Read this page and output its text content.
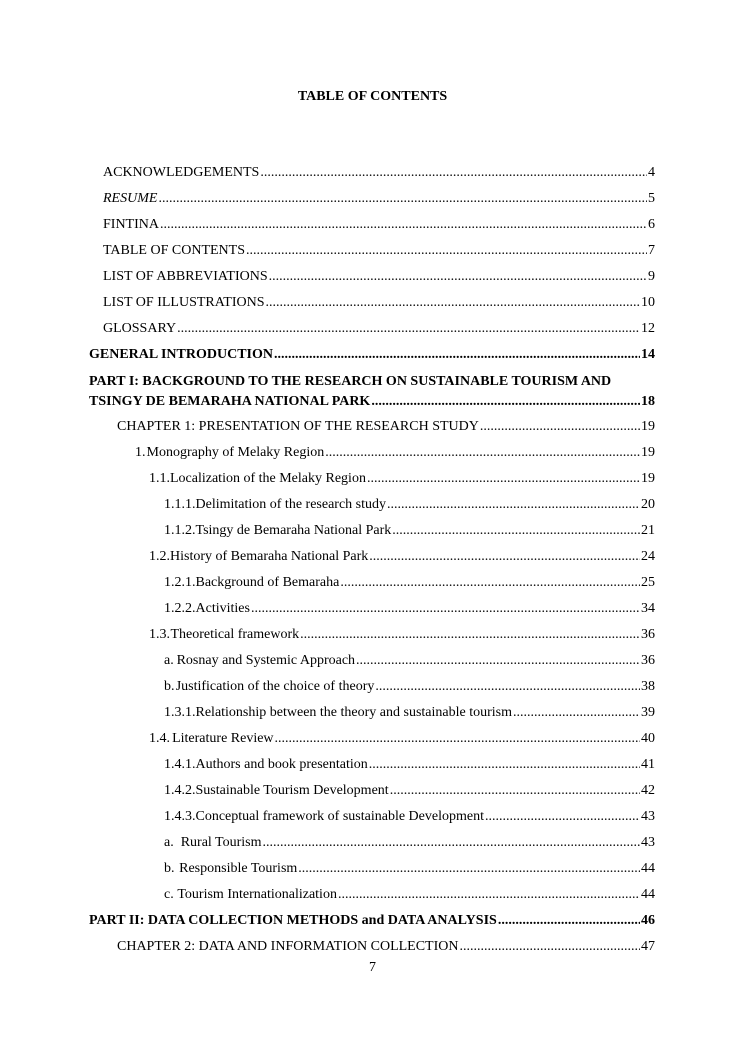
TABLE OF CONTENTS
ACKNOWLEDGEMENTS .....	4
RESUME .....	5
FINTINA .....	6
TABLE OF CONTENTS .....	7
LIST OF ABBREVIATIONS .....	9
LIST OF ILLUSTRATIONS .....	10
GLOSSARY .....	12
GENERAL INTRODUCTION .....	14
PART I: BACKGROUND TO THE RESEARCH ON SUSTAINABLE TOURISM AND
TSINGY DE BEMARAHA NATIONAL PARK .....	18
CHAPTER 1: PRESENTATION OF THE RESEARCH STUDY .....	19
1. Monography of Melaky Region .....	19
1.1. Localization of the Melaky Region .....	19
1.1.1. Delimitation of the research study .....	20
1.1.2. Tsingy de Bemaraha National Park .....	21
1.2. History of Bemaraha National Park .....	24
1.2.1. Background of Bemaraha .....	25
1.2.2. Activities .....	34
1.3. Theoretical framework .....	36
a. Rosnay and Systemic Approach .....	36
b. Justification of the choice of theory .....	38
1.3.1. Relationship between the theory and sustainable tourism .....	39
1.4. Literature Review .....	40
1.4.1. Authors and book presentation .....	41
1.4.2. Sustainable Tourism Development .....	42
1.4.3. Conceptual framework of sustainable Development .....	43
a. Rural Tourism .....	43
b. Responsible Tourism .....	44
c. Tourism Internationalization .....	44
PART II: DATA COLLECTION METHODS and DATA ANALYSIS .....	46
CHAPTER 2: DATA AND INFORMATION COLLECTION .....	47
7
